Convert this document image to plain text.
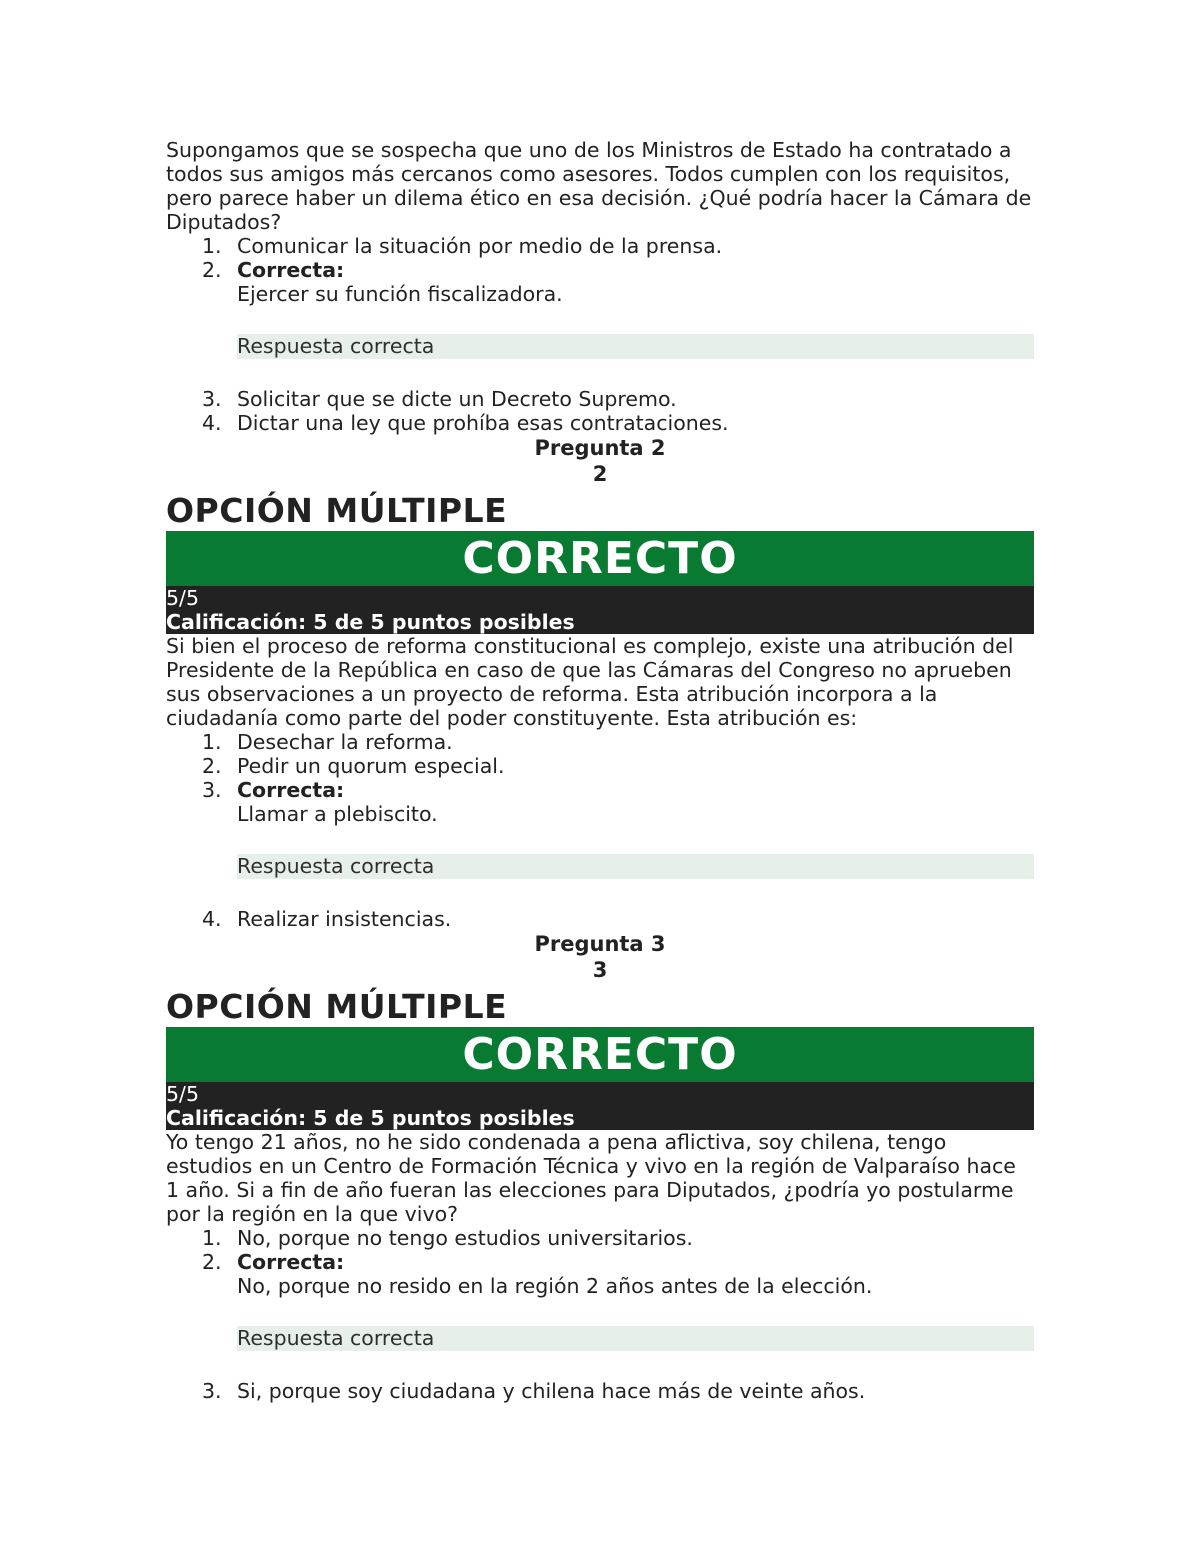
Supongamos que se sospecha que uno de los Ministros de Estado ha contratado a todos sus amigos más cercanos como asesores. Todos cumplen con los requisitos, pero parece haber un dilema ético en esa decisión. ¿Qué podría hacer la Cámara de Diputados?

1. Comunicar la situación por medio de la prensa.
2. Correcta:
Ejercer su función fiscalizadora.
Respuesta correcta
3. Solicitar que se dicte un Decreto Supremo.
4. Dictar una ley que prohíba esas contrataciones.
Pregunta 2
2
OPCIÓN MÚLTIPLE
CORRECTO
5/5
Calificación: 5 de 5 puntos posibles

Si bien el proceso de reforma constitucional es complejo, existe una atribución del Presidente de la República en caso de que las Cámaras del Congreso no aprueben sus observaciones a un proyecto de reforma. Esta atribución incorpora a la ciudadanía como parte del poder constituyente. Esta atribución es:

1. Desechar la reforma.
2. Pedir un quorum especial.
3. Correcta:
Llamar a plebiscito.
Respuesta correcta
4. Realizar insistencias.
Pregunta 3
3
OPCIÓN MÚLTIPLE
CORRECTO
5/5
Calificación: 5 de 5 puntos posibles

Yo tengo 21 años, no he sido condenada a pena aflictiva, soy chilena, tengo estudios en un Centro de Formación Técnica y vivo en la región de Valparaíso hace 1 año. Si a fin de año fueran las elecciones para Diputados, ¿podría yo postularme por la región en la que vivo?

1. No, porque no tengo estudios universitarios.
2. Correcta:
No, porque no resido en la región 2 años antes de la elección.
Respuesta correcta
3. Si, porque soy ciudadana y chilena hace más de veinte años.
